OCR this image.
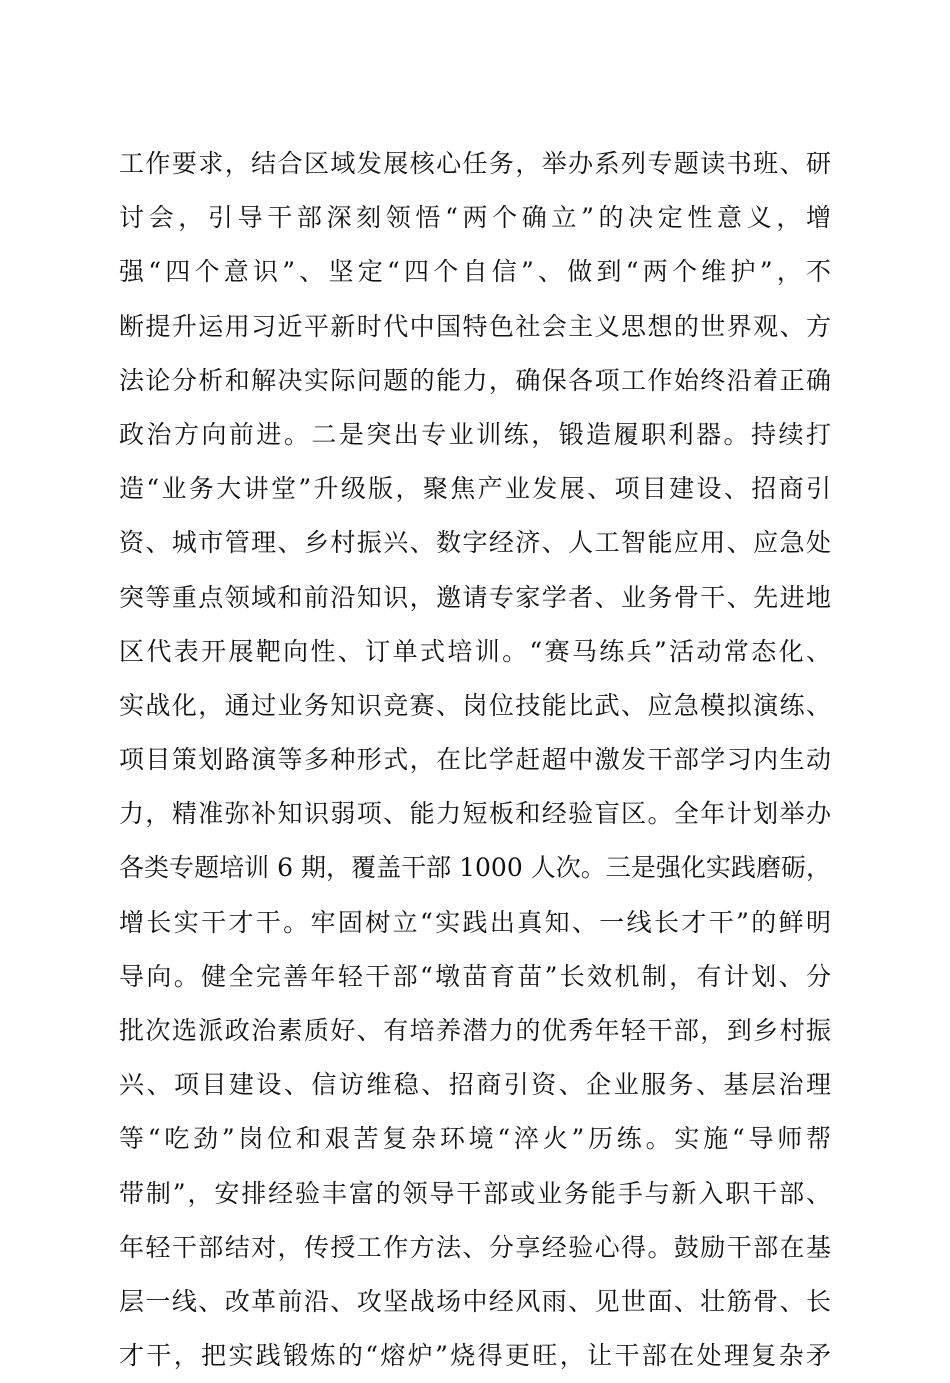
工作要求，结合区域发展核心任务，举办系列专题读书班、研
讨会，引导干部深刻领悟“两个确立”的决定性意义，增
强“四个意识”、坚定“四个自信”、做到“两个维护”，不
断提升运用习近平新时代中国特色社会主义思想的世界观、方
法论分析和解决实际问题的能力，确保各项工作始终沿着正确
政治方向前进。二是突出专业训练，锻造履职利器。持续打
造“业务大讲堂”升级版，聚焦产业发展、项目建设、招商引
资、城市管理、乡村振兴、数字经济、人工智能应用、应急处
突等重点领域和前沿知识，邀请专家学者、业务骨干、先进地
区代表开展靶向性、订单式培训。“赛马练兵”活动常态化、
实战化，通过业务知识竞赛、岗位技能比武、应急模拟演练、
项目策划路演等多种形式，在比学赶超中激发干部学习内生动
力，精准弥补知识弱项、能力短板和经验盲区。全年计划举办
各类专题培训 6 期，覆盖干部 1000 人次。三是强化实践磨砺，
增长实干才干。牢固树立“实践出真知、一线长才干”的鲜明
导向。健全完善年轻干部“墩苗育苗”长效机制，有计划、分
批次选派政治素质好、有培养潜力的优秀年轻干部，到乡村振
兴、项目建设、信访维稳、招商引资、企业服务、基层治理
等“吃劲”岗位和艰苦复杂环境“淬火”历练。实施“导师帮
带制”，安排经验丰富的领导干部或业务能手与新入职干部、
年轻干部结对，传授工作方法、分享经验心得。鼓励干部在基
层一线、改革前沿、攻坚战场中经风雨、见世面、壮筋骨、长
才干，把实践锻炼的“熔炉”烧得更旺，让干部在处理复杂矛
